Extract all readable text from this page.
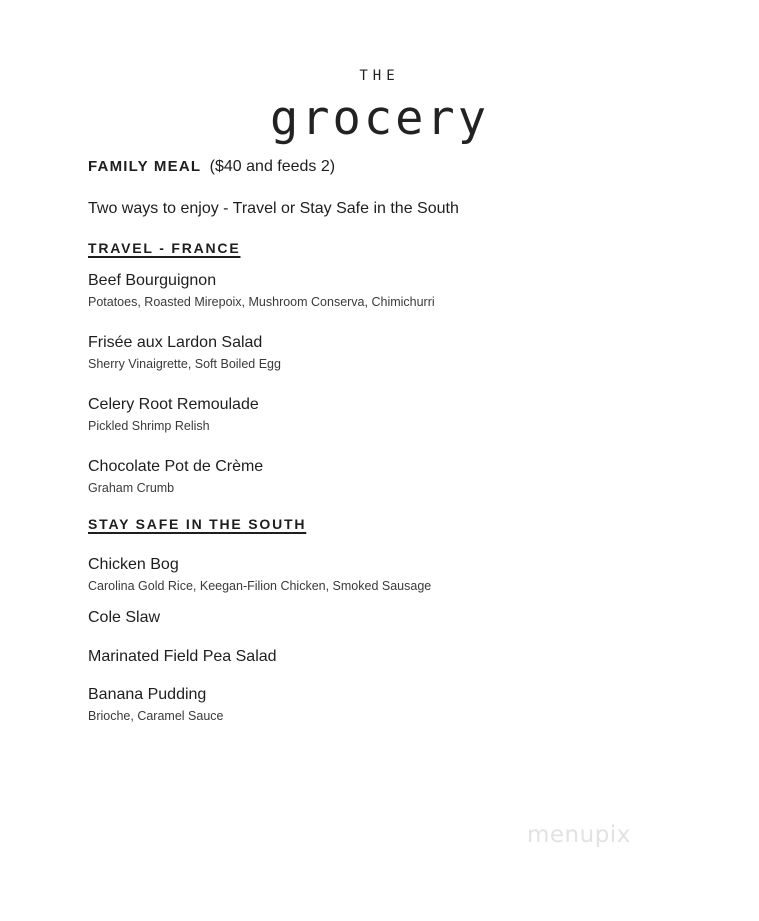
THE
grocery
FAMILY MEAL ($40 and feeds 2)
Two ways to enjoy - Travel or Stay Safe in the South
TRAVEL - FRANCE
Beef Bourguignon
Potatoes, Roasted Mirepoix, Mushroom Conserva, Chimichurri
Frisée aux Lardon Salad
Sherry Vinaigrette, Soft Boiled Egg
Celery Root Remoulade
Pickled Shrimp Relish
Chocolate Pot de Crème
Graham Crumb
STAY SAFE IN THE SOUTH
Chicken Bog
Carolina Gold Rice, Keegan-Filion Chicken, Smoked Sausage
Cole Slaw
Marinated Field Pea Salad
Banana Pudding
Brioche, Caramel Sauce
menupix
